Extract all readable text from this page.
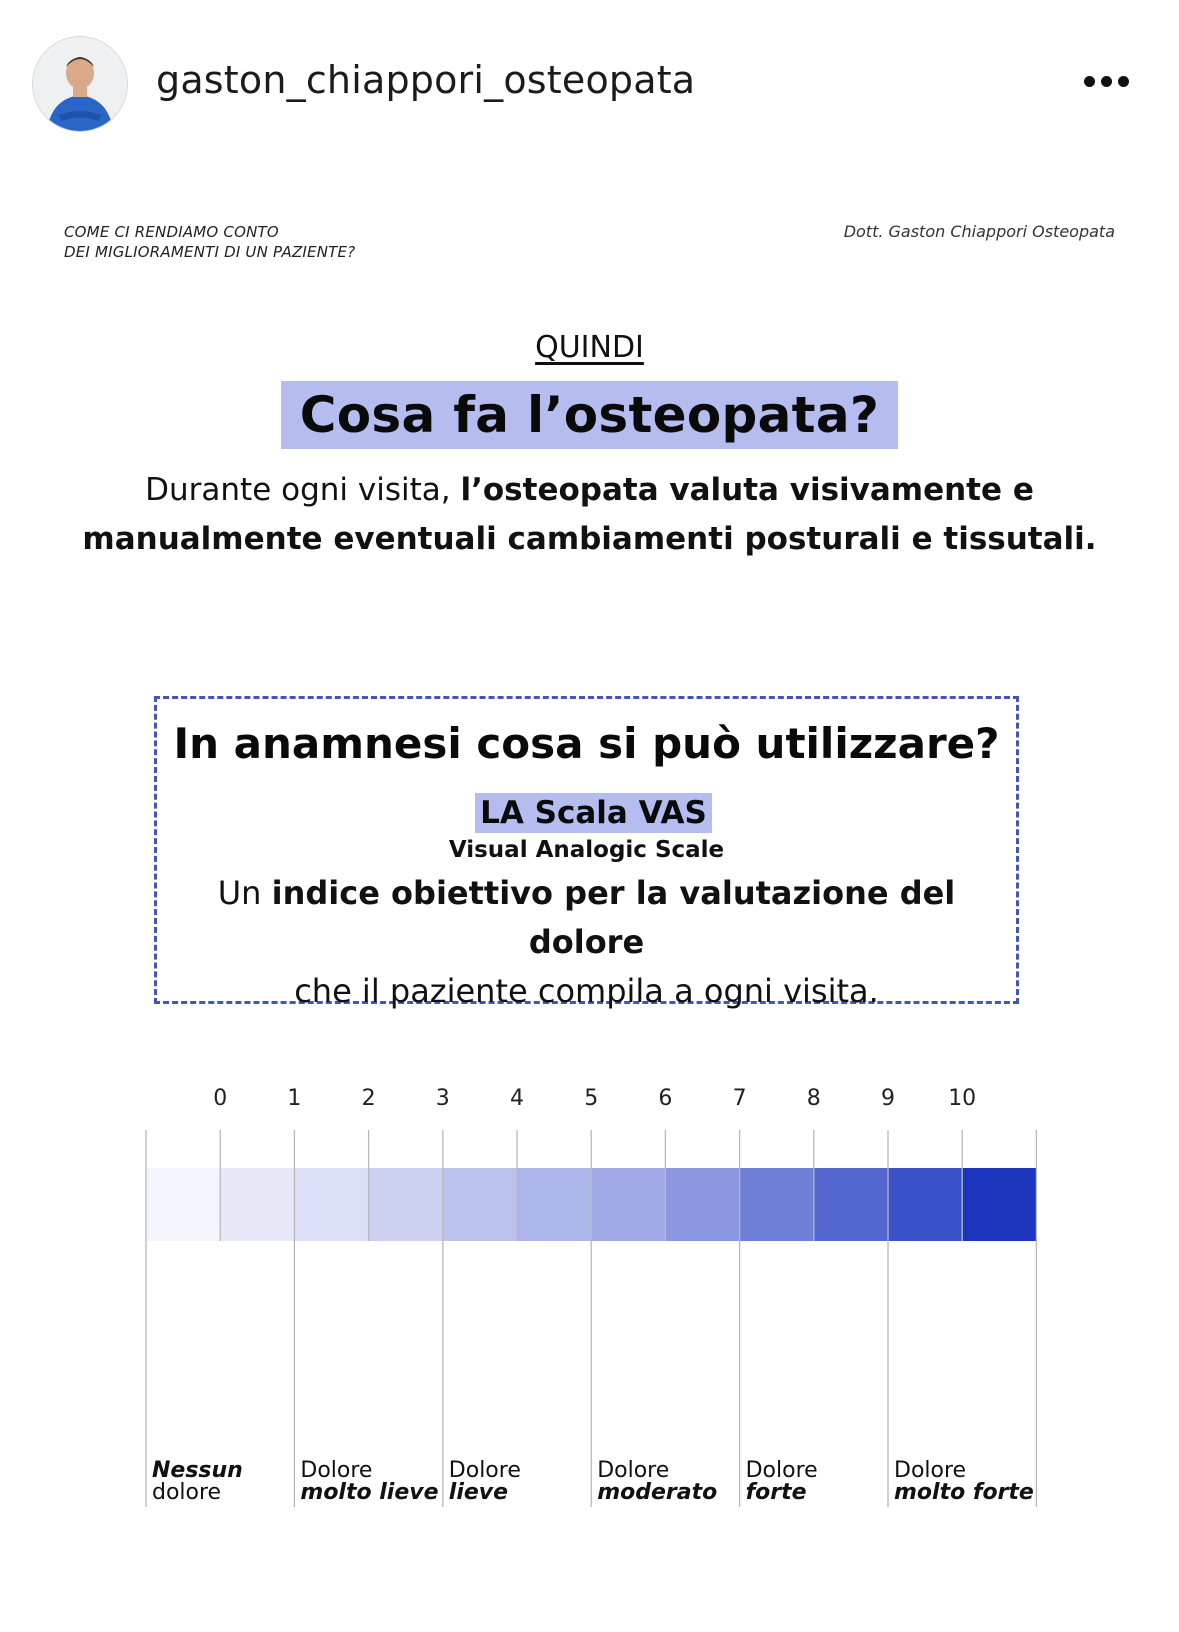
gaston_chiappori_osteopata
COME CI RENDIAMO CONTO
DEI MIGLIORAMENTI DI UN PAZIENTE?
Dott. Gaston Chiappori Osteopata
QUINDI
Cosa fa l’osteopata?
Durante ogni visita, l’osteopata valuta visivamente e
manualmente eventuali cambiamenti posturali e tissutali.
In anamnesi cosa si può utilizzare?
LA Scala VAS
Visual Analogic Scale
Un indice obiettivo per la valutazione del dolore
che il paziente compila a ogni visita.
0	1	2	3	4	5	6	7	8	9	10
Nessun
dolore
Dolore
molto lieve
Dolore
lieve
Dolore
moderato
Dolore
forte
Dolore
molto forte
